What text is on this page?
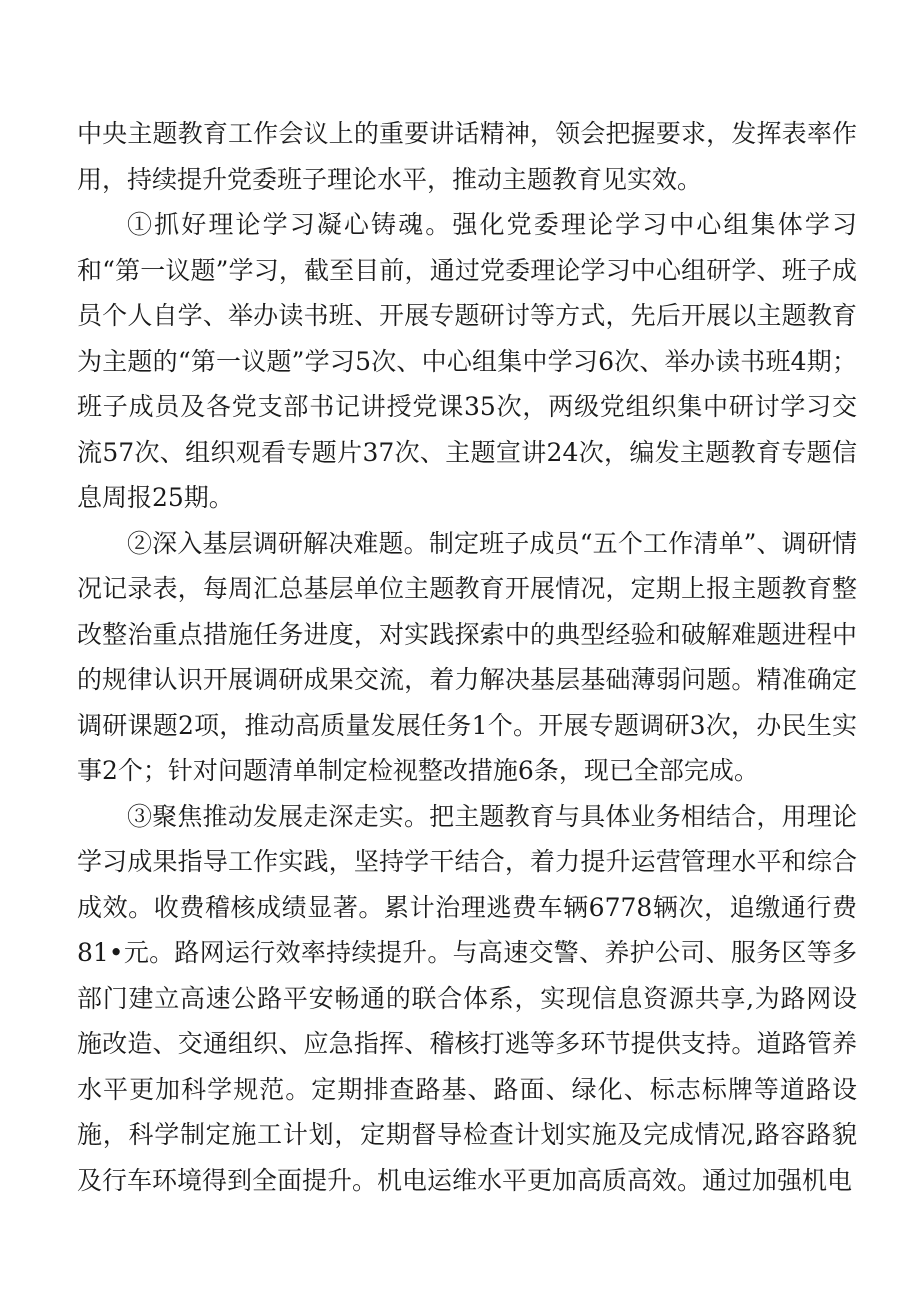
中央主题教育工作会议上的重要讲话精神，领会把握要求，发挥表率作用，持续提升党委班子理论水平，推动主题教育见实效。

①抓好理论学习凝心铸魂。强化党委理论学习中心组集体学习和“第一议题”学习，截至目前，通过党委理论学习中心组研学、班子成员个人自学、举办读书班、开展专题研讨等方式，先后开展以主题教育为主题的“第一议题”学习5次、中心组集中学习6次、举办读书班4期；班子成员及各党支部书记讲授党课35次，两级党组织集中研讨学习交流57次、组织观看专题片37次、主题宣讲24次，编发主题教育专题信息周报25期。

②深入基层调研解决难题。制定班子成员“五个工作清单”、调研情况记录表，每周汇总基层单位主题教育开展情况，定期上报主题教育整改整治重点措施任务进度，对实践探索中的典型经验和破解难题进程中的规律认识开展调研成果交流，着力解决基层基础薄弱问题。精准确定调研课题2项，推动高质量发展任务1个。开展专题调研3次，办民生实事2个；针对问题清单制定检视整改措施6条，现已全部完成。

③聚焦推动发展走深走实。把主题教育与具体业务相结合，用理论学习成果指导工作实践，坚持学干结合，着力提升运营管理水平和综合成效。收费稽核成绩显著。累计治理逃费车辆6778辆次，追缴通行费81•元。路网运行效率持续提升。与高速交警、养护公司、服务区等多部门建立高速公路平安畅通的联合体系，实现信息资源共享,为路网设施改造、交通组织、应急指挥、稽核打逃等多环节提供支持。道路管养水平更加科学规范。定期排查路基、路面、绿化、标志标牌等道路设施，科学制定施工计划，定期督导检查计划实施及完成情况,路容路貌及行车环境得到全面提升。机电运维水平更加高质高效。通过加强机电
